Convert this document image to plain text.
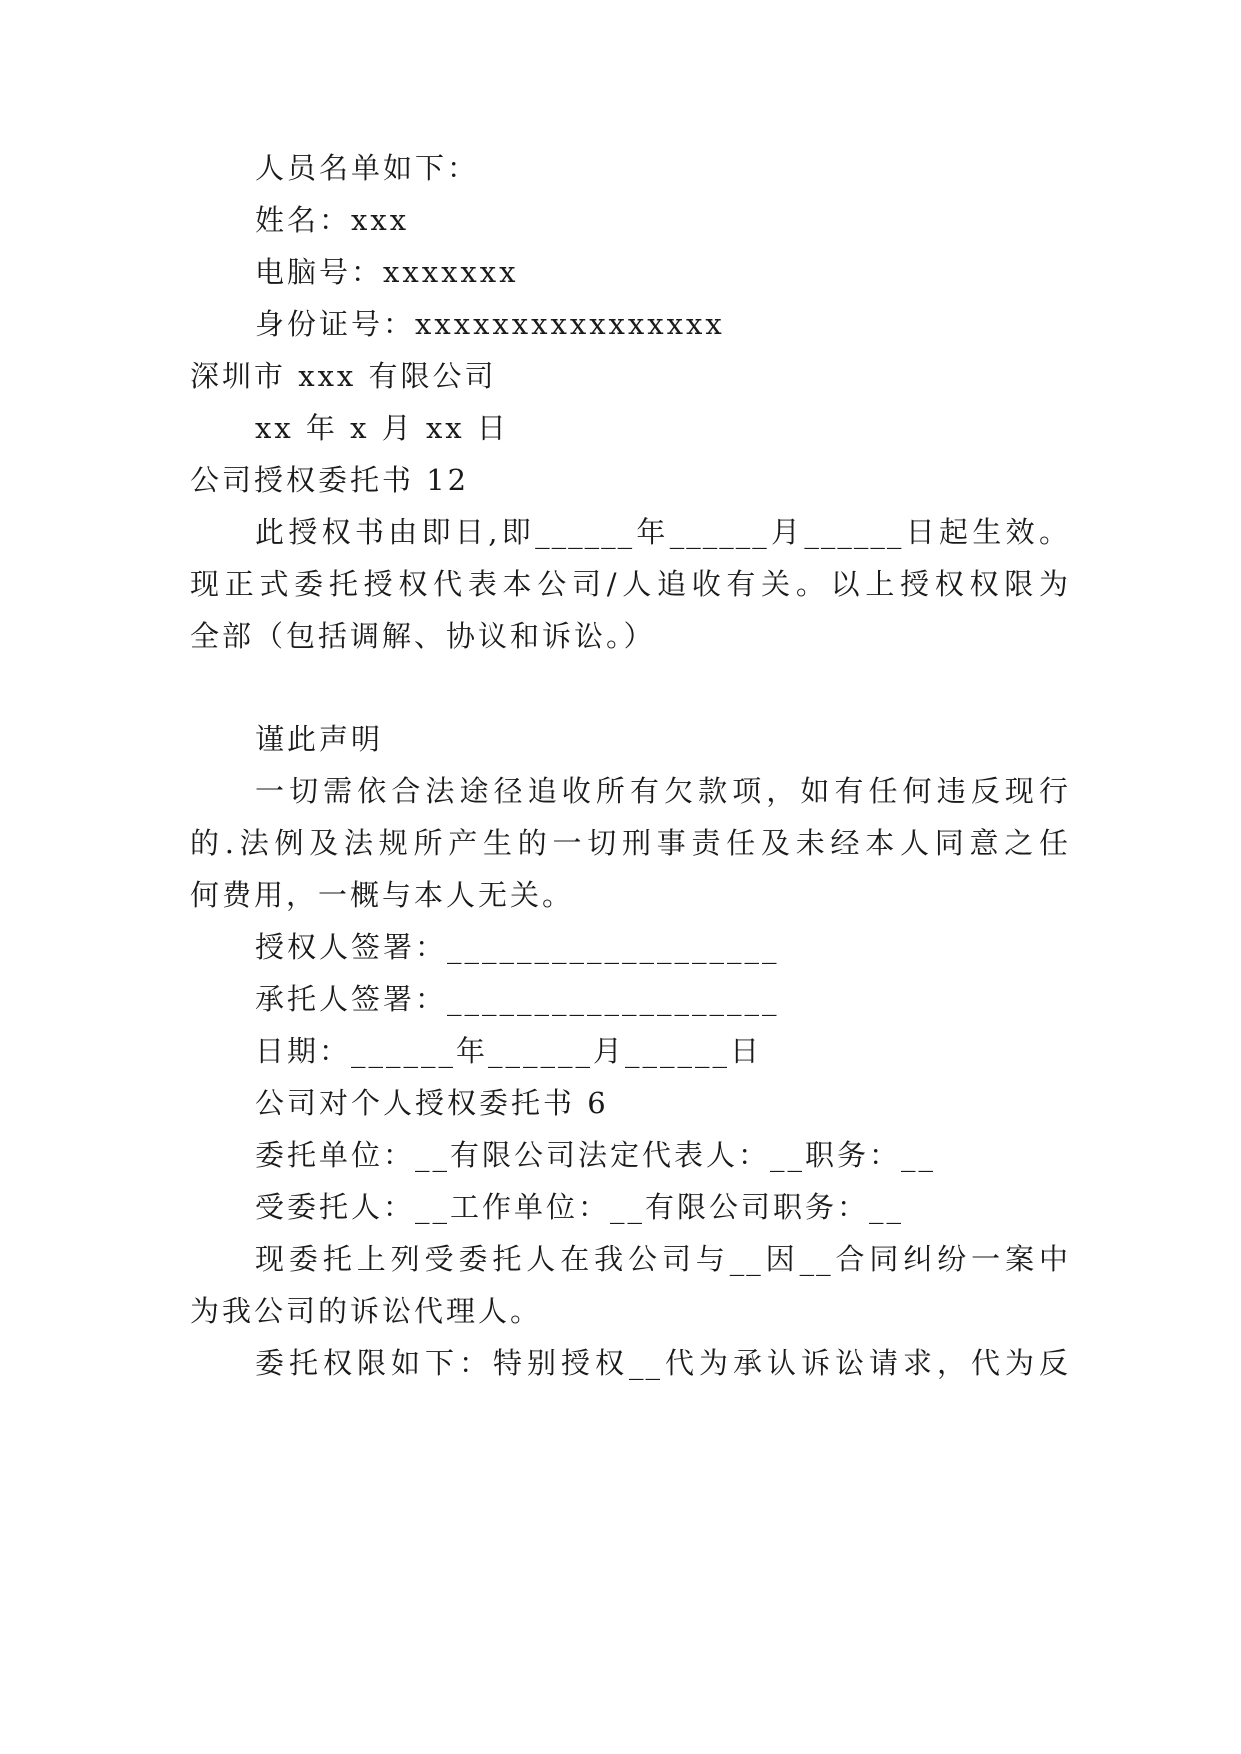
人员名单如下：
姓名：xxx
电脑号：xxxxxxx
身份证号：xxxxxxxxxxxxxxxx
深圳市 xxx 有限公司
xx 年 x 月 xx 日
公司授权委托书 12
此授权书由即日,即______年______月______日起生效。
现正式委托授权代表本公司/人追收有关。以上授权权限为
全部（包括调解、协议和诉讼。）
谨此声明
一切需依合法途径追收所有欠款项，如有任何违反现行
的.法例及法规所产生的一切刑事责任及未经本人同意之任
何费用，一概与本人无关。
授权人签署：___________________
承托人签署：___________________
日期：______年______月______日
公司对个人授权委托书 6
委托单位：__有限公司法定代表人：__职务：__
受委托人：__工作单位：__有限公司职务：__
现委托上列受委托人在我公司与__因__合同纠纷一案中
为我公司的诉讼代理人。
委托权限如下：特别授权__代为承认诉讼请求，代为反
